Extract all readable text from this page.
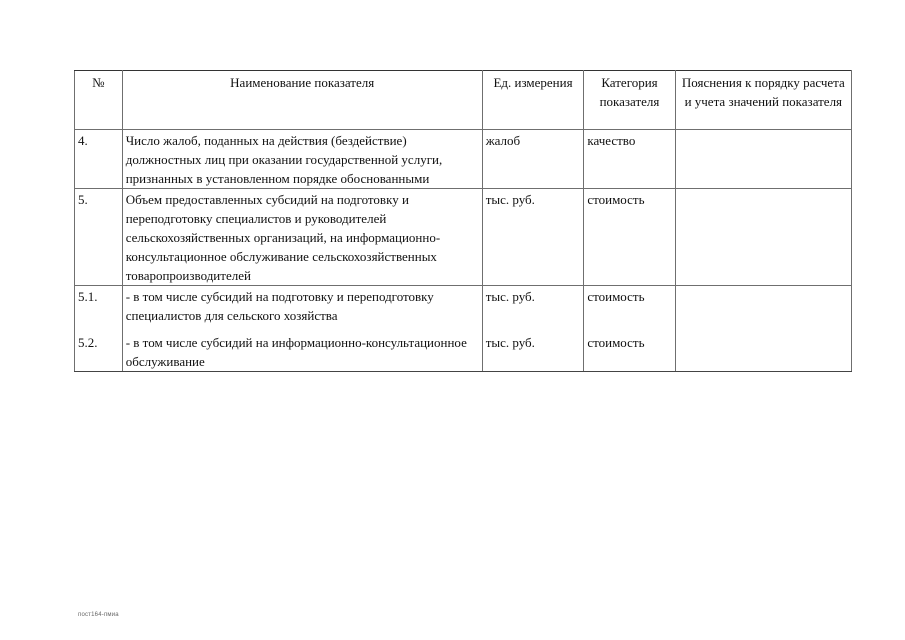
№	Наименование показателя	Ед. измерения	Категория показателя	Пояснения к порядку расчета и учета значений показателя
4.	Число жалоб, поданных на действия (бездействие) должностных лиц при оказании государственной услуги, признанных в установленном порядке обоснованными	жалоб	качество	
5.	Объем предоставленных субсидий на подготовку и переподготовку специалистов и руководителей сельскохозяйственных организаций, на информационно-консультационное обслуживание сельскохозяйственных товаропроизводителей	тыс. руб.	стоимость	
5.1.	- в том числе субсидий на подготовку и переподготовку специалистов для сельского хозяйства	тыс. руб.	стоимость	
5.2.	- в том числе субсидий на информационно-консультационное обслуживание	тыс. руб.	стоимость	
пост164-пмиа
